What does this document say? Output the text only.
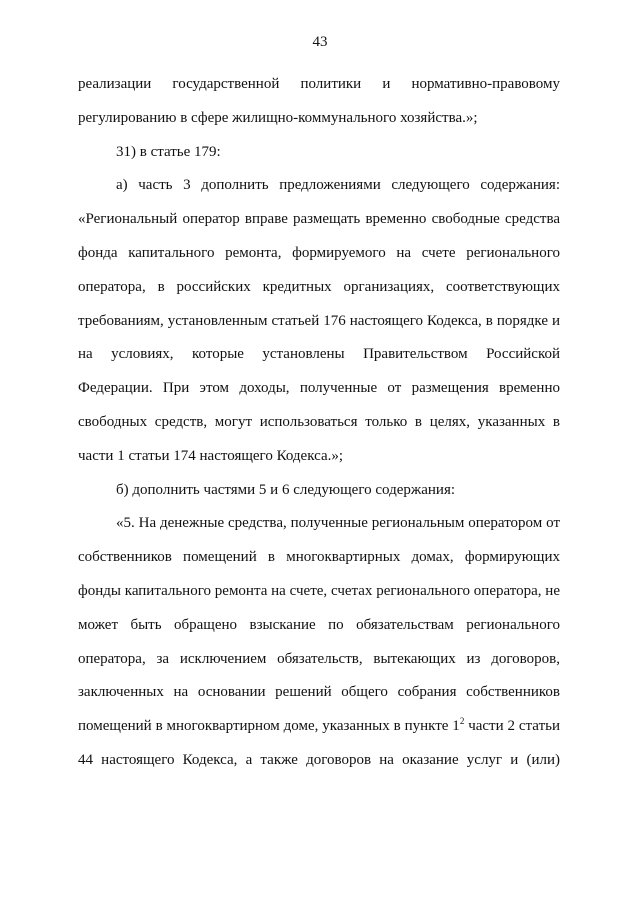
43

реализации государственной политики и нормативно-правовому

регулированию в сфере жилищно-коммунального хозяйства.»;

31) в статье 179:

а) часть 3 дополнить предложениями следующего содержания:

«Региональный оператор вправе размещать временно свободные средства

фонда капитального ремонта, формируемого на счете регионального

оператора, в российских кредитных организациях, соответствующих

требованиям, установленным статьей 176 настоящего Кодекса, в порядке и

на условиях, которые установлены Правительством Российской

Федерации. При этом доходы, полученные от размещения временно

свободных средств, могут использоваться только в целях, указанных в

части 1 статьи 174 настоящего Кодекса.»;

б) дополнить частями 5 и 6 следующего содержания:

«5. На денежные средства, полученные региональным оператором от

собственников помещений в многоквартирных домах, формирующих

фонды капитального ремонта на счете, счетах регионального оператора, не

может быть обращено взыскание по обязательствам регионального

оператора, за исключением обязательств, вытекающих из договоров,

заключенных на основании решений общего собрания собственников

помещений в многоквартирном доме, указанных в пункте $1^2$ части 2 статьи

44 настоящего Кодекса, а также договоров на оказание услуг и (или)
